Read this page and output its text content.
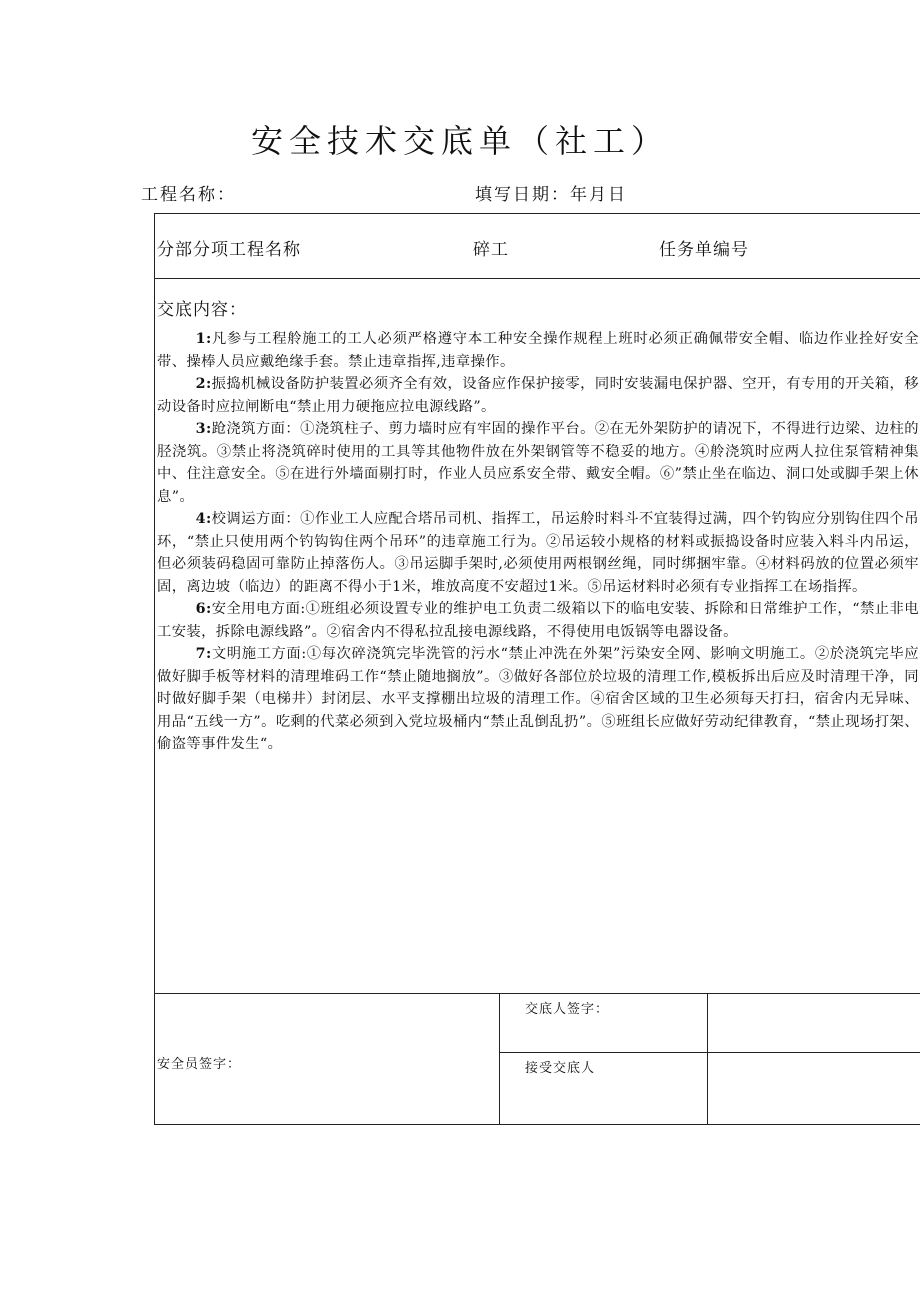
安全技术交底单（社工）
工程名称：	填写日期：年月日
分部分项工程名称	碎工	任务单编号
交底内容：

1:凡参与工程舲施工的工人必须严格遵守本工种安全操作规程上班时必须正确佩带安全帽、临边作业拴好安全带、操棒人员应戴绝缘手套。禁止违章指挥,违章操作。

2:振捣机械设备防护装置必须齐全有效，设备应作保护接零，同时安装漏电保护器、空开，有专用的开关箱，移动设备时应拉闸断电“禁止用力硬拖应拉电源线路”。

3:跄浇筑方面：①浇筑柱子、剪力墙时应有牢固的操作平台。②在无外架防护的请况下，不得进行边梁、边柱的胫浇筑。③禁止将浇筑碎时使用的工具等其他物件放在外架钢管等不稳妥的地方。④舲浇筑时应两人拉住泵管精神集中、住注意安全。⑤在进行外墙面剔打时，作业人员应系安全带、戴安全帽。⑥”禁止坐在临边、洞口处或脚手架上休息”。

4:校调运方面：①作业工人应配合塔吊司机、指挥工，吊运舲时料斗不宜装得过满，四个钓钩应分别钩住四个吊环，“禁止只使用两个钓钩钩住两个吊环”的违章施工行为。②吊运较小规格的材料或振捣设备时应装入料斗内吊运，但必须装码稳固可靠防止掉落伤人。③吊运脚手架时,必须使用两根钢丝绳，同时绑捆牢靠。④材料码放的位置必须牢固，离边坡（临边）的距离不得小于1米，堆放高度不安超过1米。⑤吊运材料时必须有专业指挥工在场指挥。

6:安全用电方面:①班组必须设置专业的维护电工负责二级箱以下的临电安装、拆除和日常维护工作，“禁止非电工安装，拆除电源线路”。②宿舍内不得私拉乱接电源线路，不得使用电饭锅等电器设备。

7:文明施工方面:①每次碎浇筑完毕洗管的污水“禁止冲洗在外架”污染安全网、影响文明施工。②於浇筑完毕应做好脚手板等材料的清理堆码工作“禁止随地搁放”。③做好各部位於垃圾的清理工作,模板拆出后应及时清理干净，同时做好脚手架（电梯井）封闭层、水平支撑棚出垃圾的清理工作。④宿舍区域的卫生必须每天打扫，宿舍内无异味、用品“五线一方”。吃剩的代菜必须到入党垃圾桶内“禁止乱倒乱扔”。⑤班组长应做好劳动纪律教育，“禁止现场打架、偷盗等事件发生“。

安全员签字：
交底人签字：
接受交底人
